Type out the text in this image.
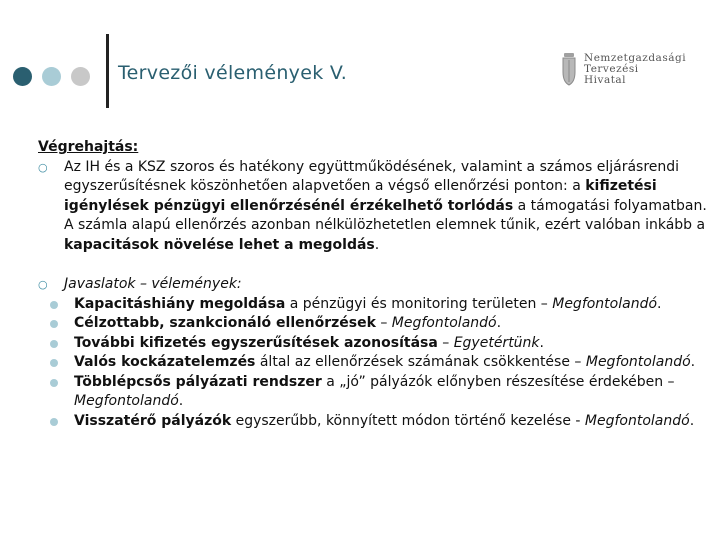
Tervezői vélemények V.
Nemzetgazdasági
Tervezési
Hivatal
Végrehajtás:
○ Az IH és a KSZ szoros és hatékony együttműködésének, valamint a számos eljárásrendi egyszerűsítésnek köszönhetően alapvetően a végső ellenőrzési ponton: a kifizetési igénylések pénzügyi ellenőrzésénél érzékelhető torlódás a támogatási folyamatban. A számla alapú ellenőrzés azonban nélkülözhetetlen elemnek tűnik, ezért valóban inkább a kapacitások növelése lehet a megoldás.
○ Javaslatok – vélemények:
Kapacitáshiány megoldása a pénzügyi és monitoring területen – Megfontolandó.
Célzottabb, szankcionáló ellenőrzések – Megfontolandó.
További kifizetés egyszerűsítések azonosítása – Egyetértünk.
Valós kockázatelemzés által az ellenőrzések számának csökkentése – Megfontolandó.
Többlépcsős pályázati rendszer a „jó” pályázók előnyben részesítése érdekében – Megfontolandó.
Visszatérő pályázók egyszerűbb, könnyített módon történő kezelése - Megfontolandó.
